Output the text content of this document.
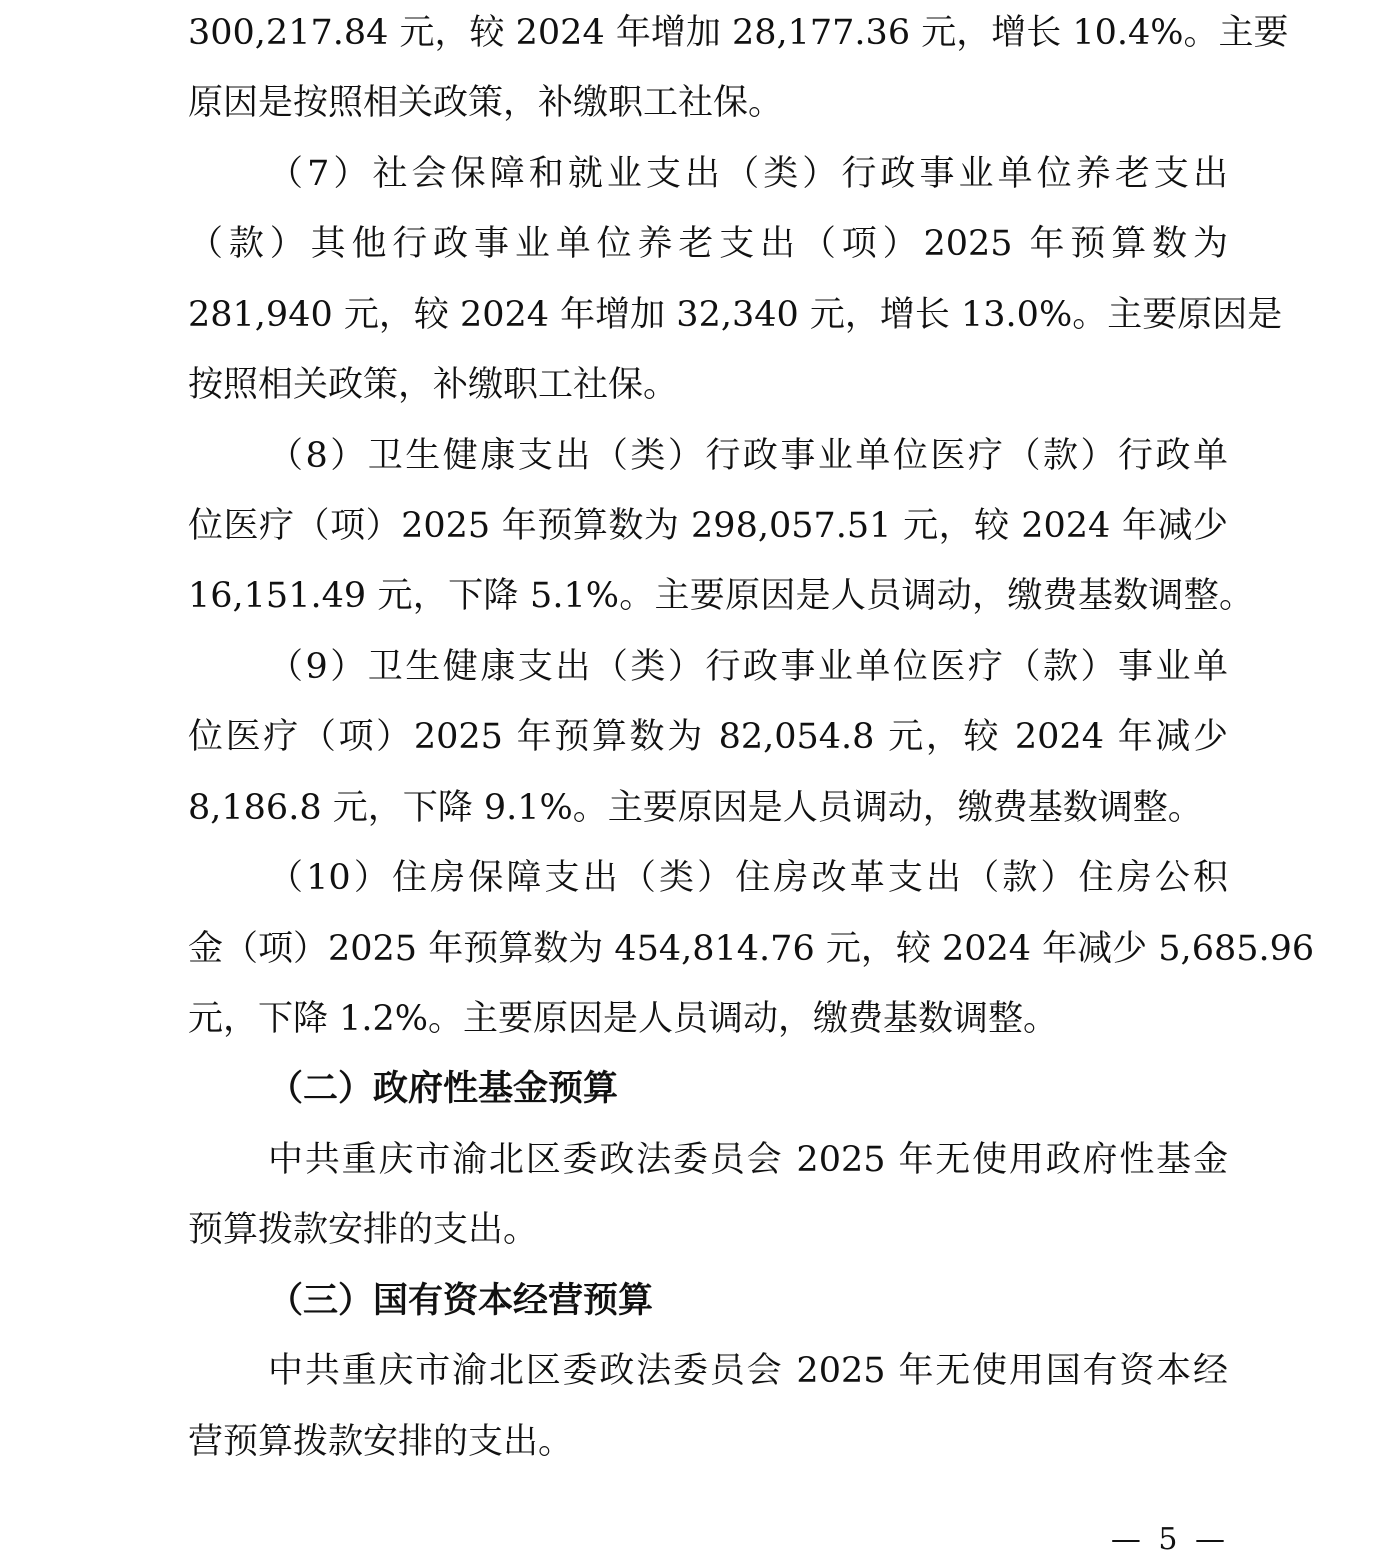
300,217.84 元，较 2024 年增加 28,177.36 元，增长 10.4%。主要
原因是按照相关政策，补缴职工社保。
（7）社会保障和就业支出（类）行政事业单位养老支出
（款）其他行政事业单位养老支出（项）2025 年预算数为
281,940 元，较 2024 年增加 32,340 元，增长 13.0%。主要原因是
按照相关政策，补缴职工社保。
（8）卫生健康支出（类）行政事业单位医疗（款）行政单
位医疗（项）2025 年预算数为 298,057.51 元，较 2024 年减少
16,151.49 元，下降 5.1%。主要原因是人员调动，缴费基数调整。
（9）卫生健康支出（类）行政事业单位医疗（款）事业单
位医疗（项）2025 年预算数为 82,054.8 元，较 2024 年减少
8,186.8 元，下降 9.1%。主要原因是人员调动，缴费基数调整。
（10）住房保障支出（类）住房改革支出（款）住房公积
金（项）2025 年预算数为 454,814.76 元，较 2024 年减少 5,685.96
元，下降 1.2%。主要原因是人员调动，缴费基数调整。
（二）政府性基金预算
中共重庆市渝北区委政法委员会 2025 年无使用政府性基金
预算拨款安排的支出。
（三）国有资本经营预算
中共重庆市渝北区委政法委员会 2025 年无使用国有资本经
营预算拨款安排的支出。
— 5 —
